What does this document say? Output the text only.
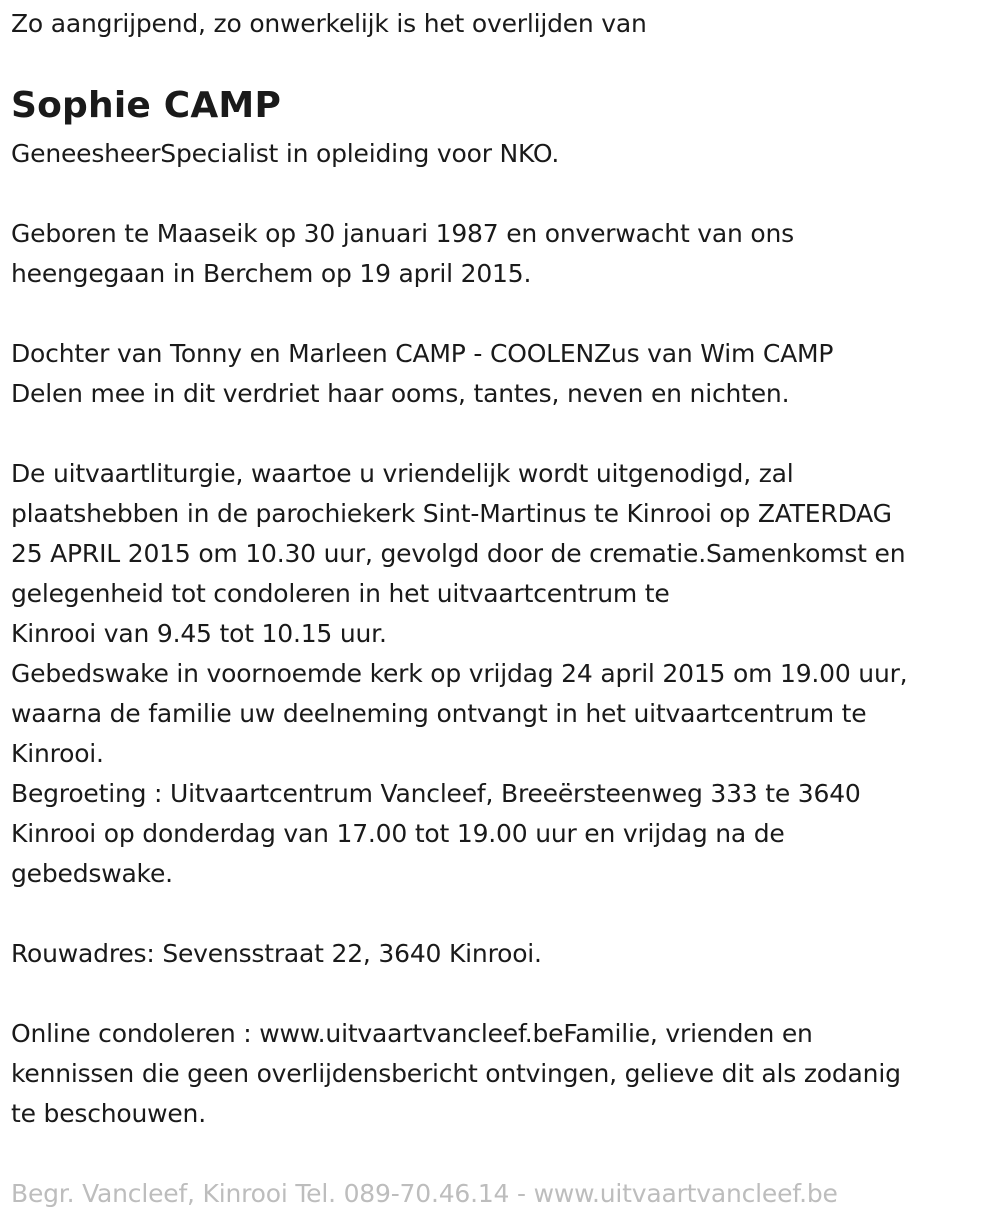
Zo aangrijpend, zo onwerkelijk is het overlijden van
Sophie CAMP
GeneesheerSpecialist in opleiding voor NKO.
Geboren te Maaseik op 30 januari 1987 en onverwacht van ons
heengegaan in Berchem op 19 april 2015.
Dochter van Tonny en Marleen CAMP - COOLENZus van Wim CAMP
Delen mee in dit verdriet haar ooms, tantes, neven en nichten.
De uitvaartliturgie, waartoe u vriendelijk wordt uitgenodigd, zal
plaatshebben in de parochiekerk Sint-Martinus te Kinrooi op ZATERDAG
25 APRIL 2015 om 10.30 uur, gevolgd door de crematie.Samenkomst en
gelegenheid tot condoleren in het uitvaartcentrum te
Kinrooi van 9.45 tot 10.15 uur.
Gebedswake in voornoemde kerk op vrijdag 24 april 2015 om 19.00 uur,
waarna de familie uw deelneming ontvangt in het uitvaartcentrum te
Kinrooi.
Begroeting : Uitvaartcentrum Vancleef, Breeërsteenweg 333 te 3640
Kinrooi op donderdag van 17.00 tot 19.00 uur en vrijdag na de
gebedswake.
Rouwadres: Sevensstraat 22, 3640 Kinrooi.
Online condoleren : www.uitvaartvancleef.beFamilie, vrienden en
kennissen die geen overlijdensbericht ontvingen, gelieve dit als zodanig
te beschouwen.
Begr. Vancleef, Kinrooi Tel. 089-70.46.14 - www.uitvaartvancleef.be
